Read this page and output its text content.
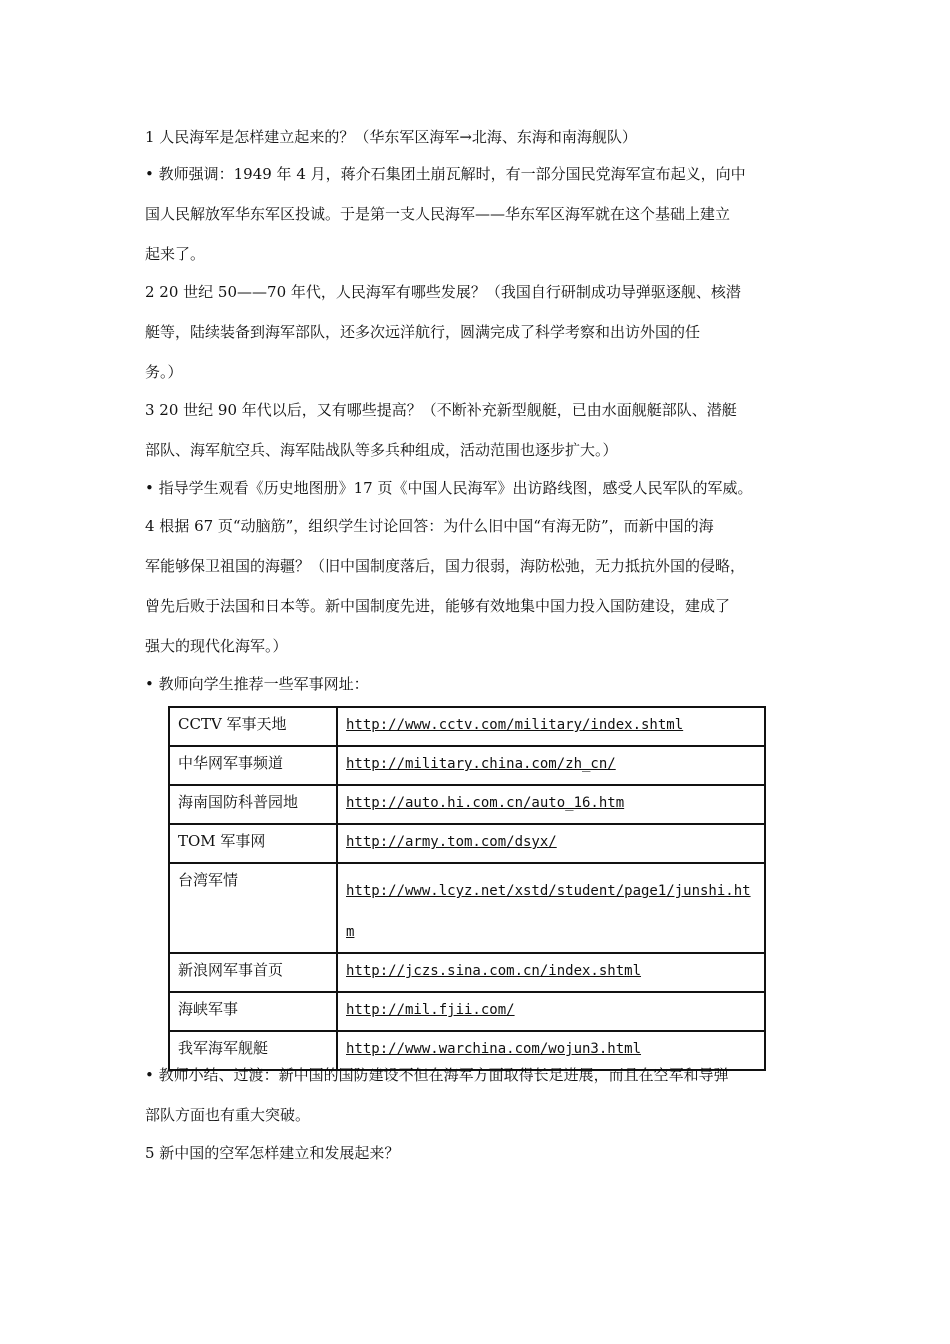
1 人民海军是怎样建立起来的？（华东军区海军→北海、东海和南海舰队）
• 教师强调：1949 年 4 月，蒋介石集团土崩瓦解时，有一部分国民党海军宣布起义，向中
国人民解放军华东军区投诚。于是第一支人民海军——华东军区海军就在这个基础上建立
起来了。
2 20 世纪 50——70 年代，人民海军有哪些发展？（我国自行研制成功导弹驱逐舰、核潜
艇等，陆续装备到海军部队，还多次远洋航行，圆满完成了科学考察和出访外国的任
务。）
3 20 世纪 90 年代以后，又有哪些提高？（不断补充新型舰艇，已由水面舰艇部队、潜艇
部队、海军航空兵、海军陆战队等多兵种组成，活动范围也逐步扩大。）
• 指导学生观看《历史地图册》17 页《中国人民海军》出访路线图，感受人民军队的军威。
4 根据 67 页“动脑筋”，组织学生讨论回答：为什么旧中国“有海无防”，而新中国的海
军能够保卫祖国的海疆？（旧中国制度落后，国力很弱，海防松弛，无力抵抗外国的侵略，
曾先后败于法国和日本等。新中国制度先进，能够有效地集中国力投入国防建设，建成了
强大的现代化海军。）
• 教师向学生推荐一些军事网址：
CCTV 军事天地	http://www.cctv.com/military/index.shtml

中华网军事频道	http://military.china.com/zh_cn/

海南国防科普园地	http://auto.hi.com.cn/auto_16.htm

TOM 军事网	http://army.tom.com/dsyx/

台湾军情	http://www.lcyz.net/xstd/student/page1/junshi.htm

新浪网军事首页	http://jczs.sina.com.cn/index.shtml

海峡军事	http://mil.fjii.com/

我军海军舰艇	http://www.warchina.com/wojun3.html
• 教师小结、过渡：新中国的国防建设不但在海军方面取得长足进展，而且在空军和导弹
部队方面也有重大突破。
5 新中国的空军怎样建立和发展起来？
